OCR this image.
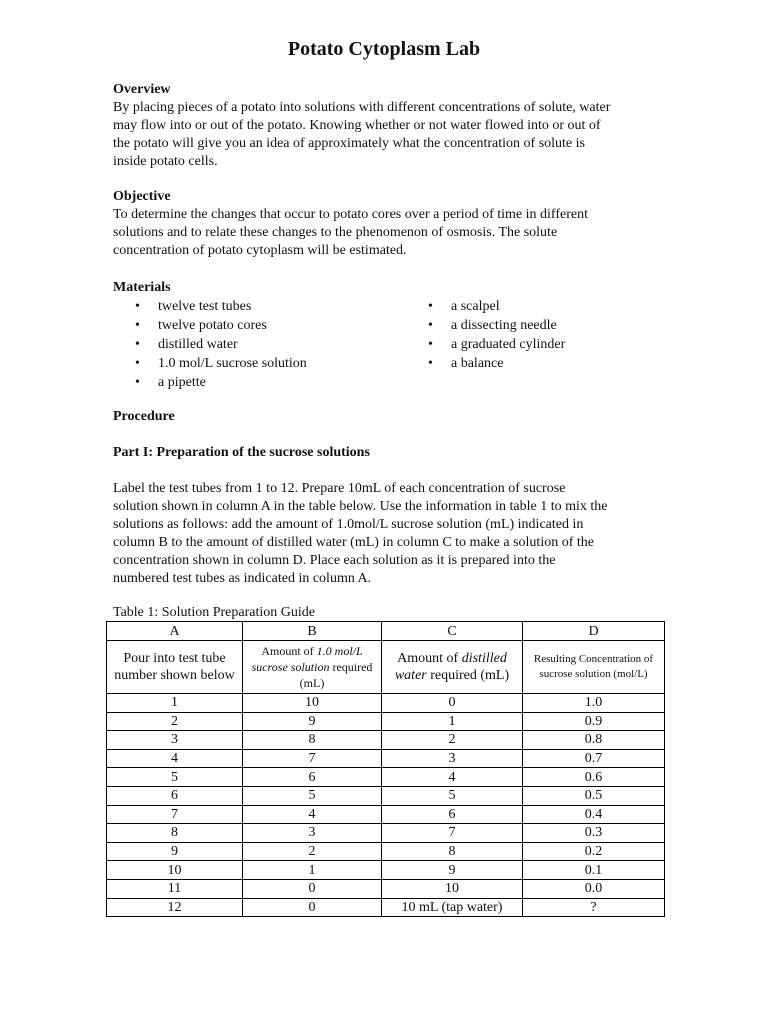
Potato Cytoplasm Lab

Overview

By placing pieces of a potato into solutions with different concentrations of solute, water

may flow into or out of the potato. Knowing whether or not water flowed into or out of

the potato will give you an idea of approximately what the concentration of solute is

inside potato cells.

Objective

To determine the changes that occur to potato cores over a period of time in different

solutions and to relate these changes to the phenomenon of osmosis. The solute

concentration of potato cytoplasm will be estimated.

Materials

• twelve test tubes
• twelve potato cores
• distilled water
• 1.0 mol/L sucrose solution
• a pipette
• a scalpel
• a dissecting needle
• a graduated cylinder
• a balance

Procedure

Part I: Preparation of the sucrose solutions

Label the test tubes from 1 to 12. Prepare 10mL of each concentration of sucrose

solution shown in column A in the table below. Use the information in table 1 to mix the

solutions as follows: add the amount of 1.0mol/L sucrose solution (mL) indicated in

column B to the amount of distilled water (mL) in column C to make a solution of the

concentration shown in column D. Place each solution as it is prepared into the

numbered test tubes as indicated in column A.

Table 1: Solution Preparation Guide

A	B	C	D
Pour into test tube number shown below	Amount of 1.0 mol/L sucrose solution required (mL)	Amount of distilled water required (mL)	Resulting Concentration of sucrose solution (mol/L)
1	10	0	1.0
2	9	1	0.9
3	8	2	0.8
4	7	3	0.7
5	6	4	0.6
6	5	5	0.5
7	4	6	0.4
8	3	7	0.3
9	2	8	0.2
10	1	9	0.1
11	0	10	0.0
12	0	10 mL (tap water)	?
